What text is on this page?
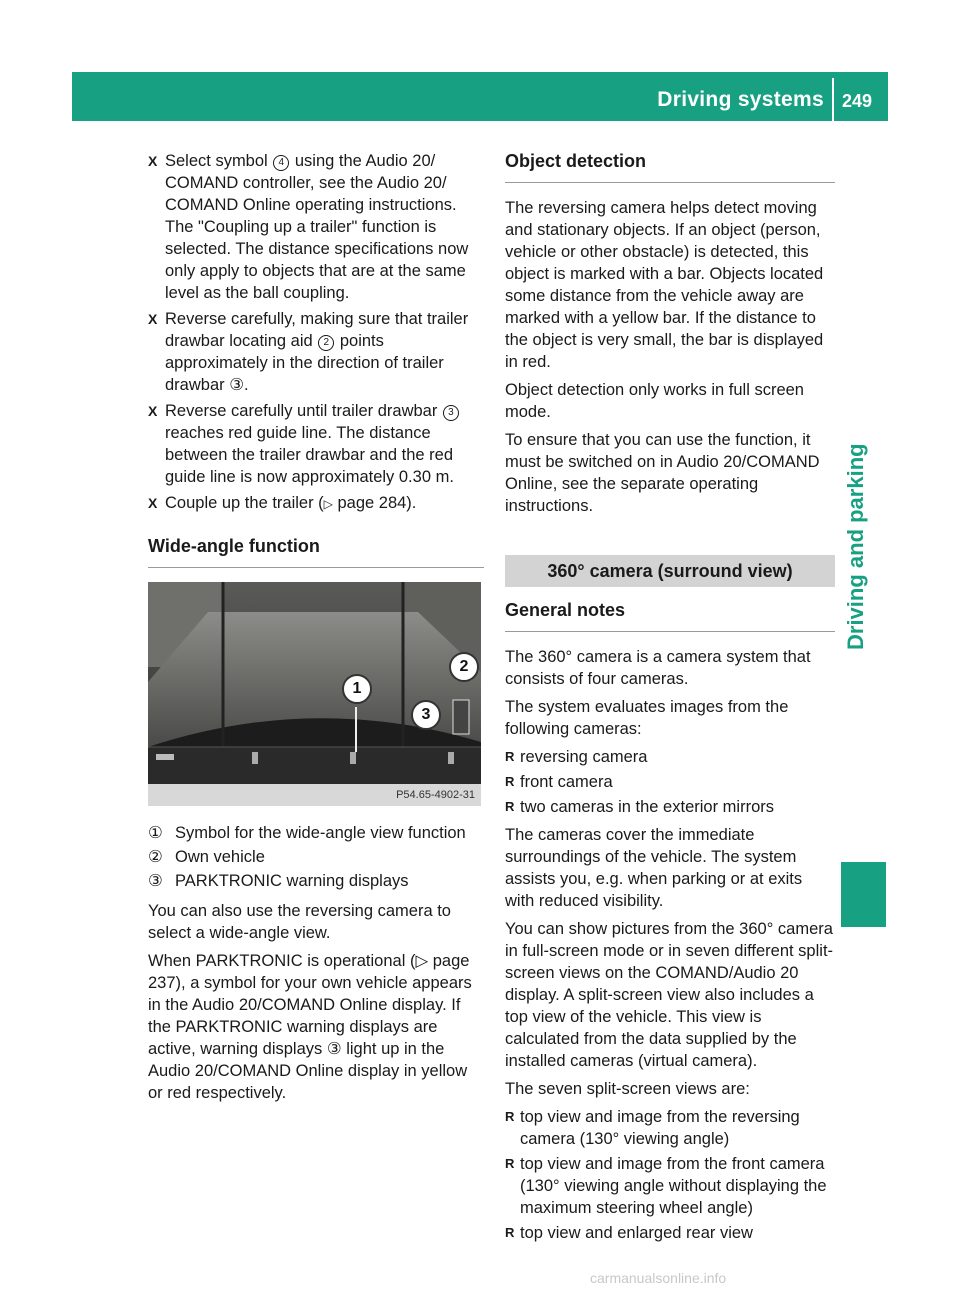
Driving systems 249
Driving and parking
X Select symbol 4 using the Audio 20/ COMAND controller, see the Audio 20/ COMAND Online operating instructions. The "Coupling up a trailer" function is selected. The distance specifications now only apply to objects that are at the same level as the ball coupling.
X Reverse carefully, making sure that trailer drawbar locating aid 2 points approximately in the direction of trailer drawbar ③.
X Reverse carefully until trailer drawbar 3 reaches red guide line. The distance between the trailer drawbar and the red guide line is now approximately 0.30 m.
X Couple up the trailer (▷ page 284).
Wide-angle function
1
2
3
P54.65-4902-31
① Symbol for the wide-angle view function
② Own vehicle
③ PARKTRONIC warning displays

You can also use the reversing camera to select a wide-angle view.

When PARKTRONIC is operational (▷ page 237), a symbol for your own vehicle appears in the Audio 20/COMAND Online display. If the PARKTRONIC warning displays are active, warning displays ③ light up in the Audio 20/COMAND Online display in yellow or red respectively.

Object detection

The reversing camera helps detect moving and stationary objects. If an object (person, vehicle or other obstacle) is detected, this object is marked with a bar. Objects located some distance from the vehicle away are marked with a yellow bar. If the distance to the object is very small, the bar is displayed in red.

Object detection only works in full screen mode.

To ensure that you can use the function, it must be switched on in Audio 20/COMAND Online, see the separate operating instructions.

360° camera (surround view)
General notes

The 360° camera is a camera system that consists of four cameras.

The system evaluates images from the following cameras:

R reversing camera
R front camera
R two cameras in the exterior mirrors

The cameras cover the immediate surroundings of the vehicle. The system assists you, e.g. when parking or at exits with reduced visibility.

You can show pictures from the 360° camera in full-screen mode or in seven different split-screen views on the COMAND/Audio 20 display. A split-screen view also includes a top view of the vehicle. This view is calculated from the data supplied by the installed cameras (virtual camera).

The seven split-screen views are:

R top view and image from the reversing camera (130° viewing angle)
R top view and image from the front camera (130° viewing angle without displaying the maximum steering wheel angle)
R top view and enlarged rear view
carmanualsonline.info
